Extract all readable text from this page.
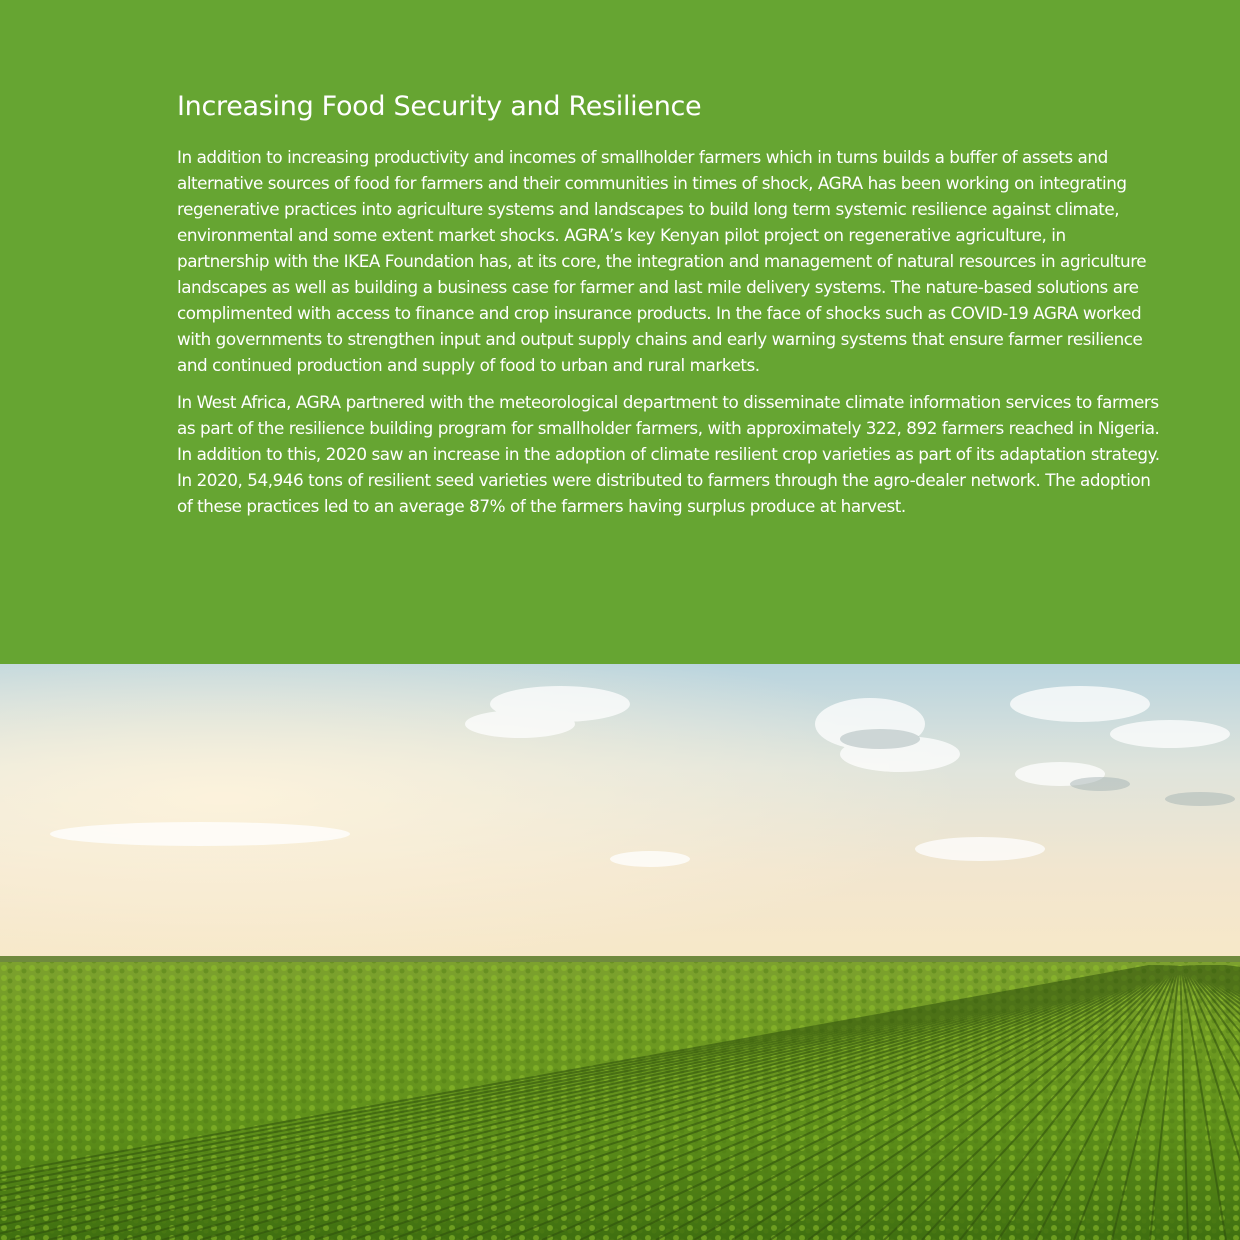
Increasing Food Security and Resilience

In addition to increasing productivity and incomes of smallholder farmers which in turns builds a buffer of assets and alternative sources of food for farmers and their communities in times of shock, AGRA has been working on integrating regenerative practices into agriculture systems and landscapes to build long term systemic resilience against climate, environmental and some extent market shocks. AGRA’s key Kenyan pilot project on regenerative agriculture, in partnership with the IKEA Foundation has, at its core, the integration and management of natural resources in agriculture landscapes as well as building a business case for farmer and last mile delivery systems. The nature-based solutions are complimented with access to finance and crop insurance products. In the face of shocks such as COVID-19 AGRA worked with governments to strengthen input and output supply chains and early warning systems that ensure farmer resilience and continued production and supply of food to urban and rural markets.

In West Africa, AGRA partnered with the meteorological department to disseminate climate information services to farmers as part of the resilience building program for smallholder farmers, with approximately 322, 892 farmers reached in Nigeria. In addition to this, 2020 saw an increase in the adoption of climate resilient crop varieties as part of its adaptation strategy. In 2020, 54,946 tons of resilient seed varieties were distributed to farmers through the agro-dealer network. The adoption of these practices led to an average 87% of the farmers having surplus produce at harvest.
